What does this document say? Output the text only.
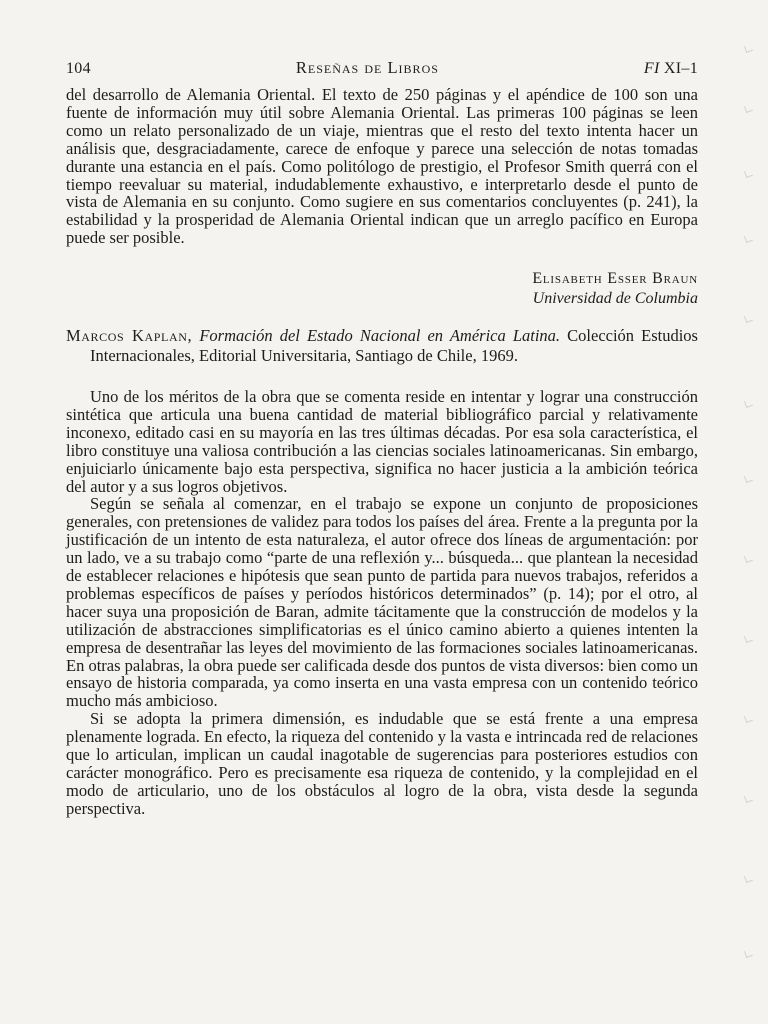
104	Reseñas de Libros	FI XI–1

del desarrollo de Alemania Oriental. El texto de 250 páginas y el apéndice de 100 son una fuente de información muy útil sobre Alemania Oriental. Las primeras 100 páginas se leen como un relato personalizado de un viaje, mientras que el resto del texto intenta hacer un análisis que, desgraciadamente, carece de enfoque y parece una selección de notas tomadas durante una estancia en el país. Como politólogo de prestigio, el Profesor Smith querrá con el tiempo reevaluar su material, indudablemente exhaustivo, e interpretarlo desde el punto de vista de Alemania en su conjunto. Como sugiere en sus comentarios concluyentes (p. 241), la estabilidad y la prosperidad de Alemania Oriental indican que un arreglo pacífico en Europa puede ser posible.

Elisabeth Esser Braun
Universidad de Columbia
Marcos Kaplan, Formación del Estado Nacional en América Latina. Colección Estudios Internacionales, Editorial Universitaria, Santiago de Chile, 1969.

Uno de los méritos de la obra que se comenta reside en intentar y lograr una construcción sintética que articula una buena cantidad de material bibliográfico parcial y relativamente inconexo, editado casi en su mayoría en las tres últimas décadas. Por esa sola característica, el libro constituye una valiosa contribución a las ciencias sociales latinoamericanas. Sin embargo, enjuiciarlo únicamente bajo esta perspectiva, significa no hacer justicia a la ambición teórica del autor y a sus logros objetivos.

Según se señala al comenzar, en el trabajo se expone un conjunto de proposiciones generales, con pretensiones de validez para todos los países del área. Frente a la pregunta por la justificación de un intento de esta naturaleza, el autor ofrece dos líneas de argumentación: por un lado, ve a su trabajo como “parte de una reflexión y... búsqueda... que plantean la necesidad de establecer relaciones e hipótesis que sean punto de partida para nuevos trabajos, referidos a problemas específicos de países y períodos históricos determinados” (p. 14); por el otro, al hacer suya una proposición de Baran, admite tácitamente que la construcción de modelos y la utilización de abstracciones simplificatorias es el único camino abierto a quienes intenten la empresa de desentrañar las leyes del movimiento de las formaciones sociales latinoamericanas. En otras palabras, la obra puede ser calificada desde dos puntos de vista diversos: bien como un ensayo de historia comparada, ya como inserta en una vasta empresa con un contenido teórico mucho más ambicioso.

Si se adopta la primera dimensión, es indudable que se está frente a una empresa plenamente lograda. En efecto, la riqueza del contenido y la vasta e intrincada red de relaciones que lo articulan, implican un caudal inagotable de sugerencias para posteriores estudios con carácter monográfico. Pero es precisamente esa riqueza de contenido, y la complejidad en el modo de articulario, uno de los obstáculos al logro de la obra, vista desde la segunda perspectiva.
